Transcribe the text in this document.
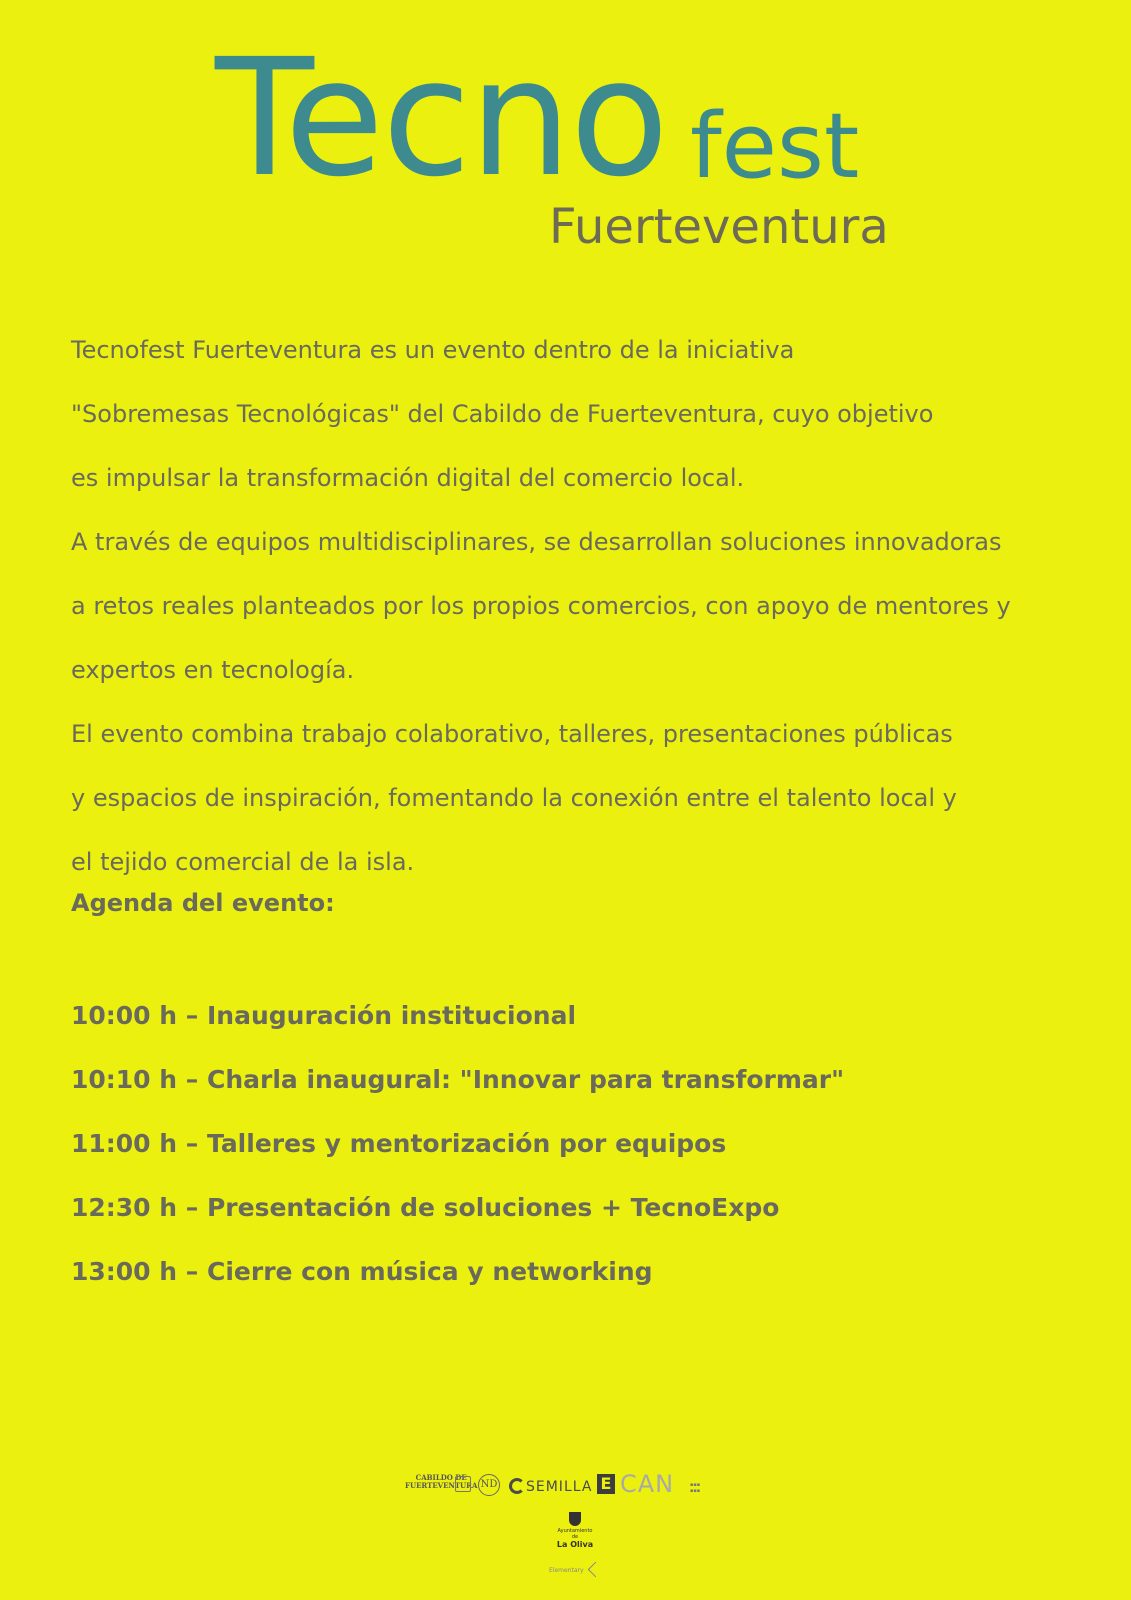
Tecno fest
Fuerteventura
Tecnofest Fuerteventura es un evento dentro de la iniciativa
"Sobremesas Tecnológicas" del Cabildo de Fuerteventura, cuyo objetivo
es impulsar la transformación digital del comercio local.
A través de equipos multidisciplinares, se desarrollan soluciones innovadoras
a retos reales planteados por los propios comercios, con apoyo de mentores y
expertos en tecnología.
El evento combina trabajo colaborativo, talleres, presentaciones públicas
y espacios de inspiración, fomentando la conexión entre el talento local y
el tejido comercial de la isla.
Agenda del evento:
10:00 h – Inauguración institucional
10:10 h – Charla inaugural: "Innovar para transformar"
11:00 h – Talleres y mentorización por equipos
12:30 h – Presentación de soluciones + TecnoExpo
13:00 h – Cierre con música y networking
CABILDO DE
FUERTEVENTURA ND	SEMILLA E CAN	▪▪▪
▪▪▪
Ayuntamiento de
La Oliva
Elementary
